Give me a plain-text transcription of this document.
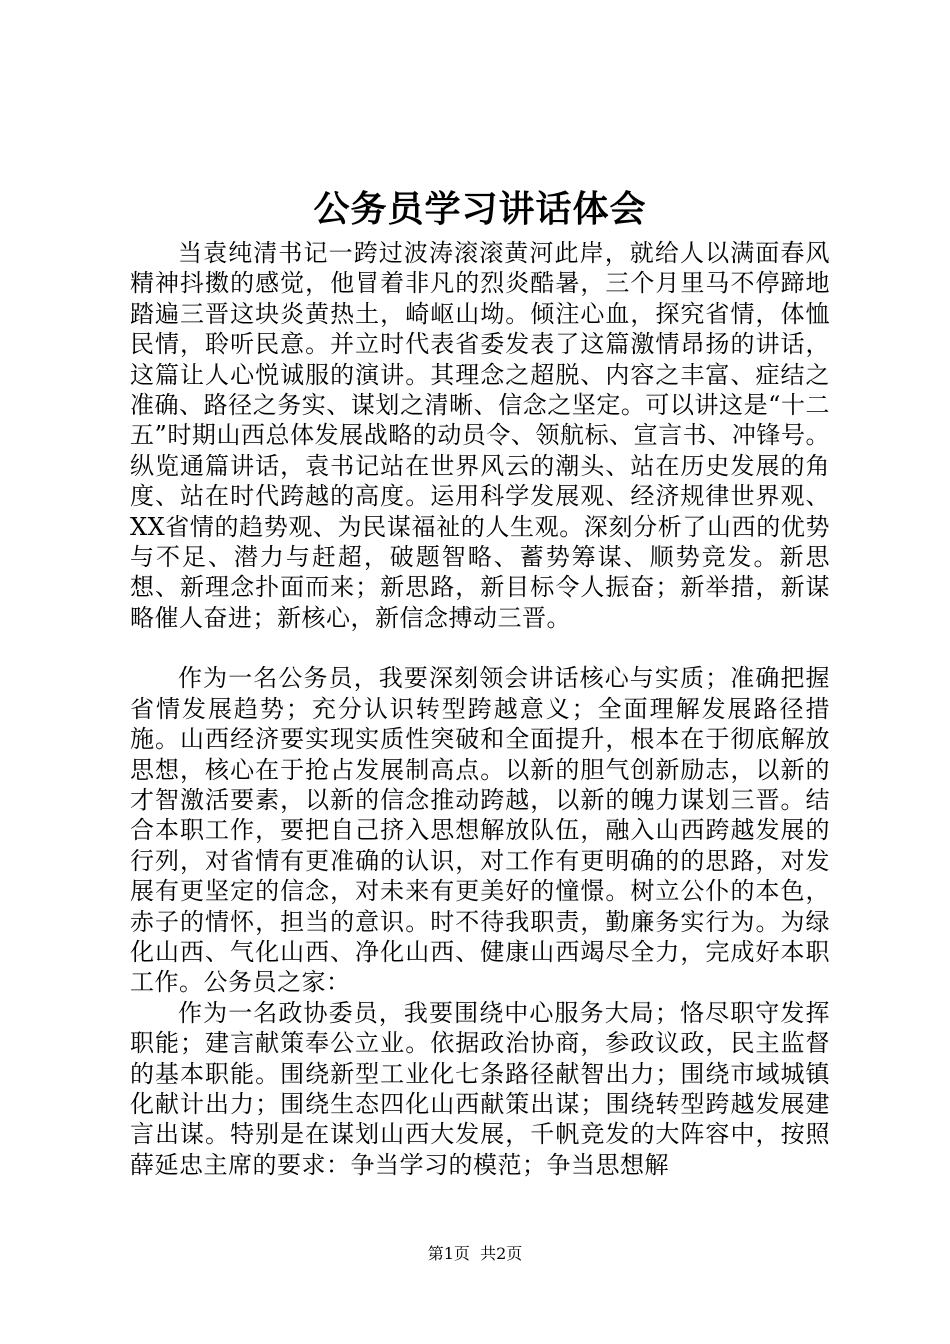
公务员学习讲话体会

当袁纯清书记一跨过波涛滚滚黄河此岸，就给人以满面春风精神抖擞的感觉，他冒着非凡的烈炎酷暑，三个月里马不停蹄地踏遍三晋这块炎黄热土，崎岖山坳。倾注心血，探究省情，体恤民情，聆听民意。并立时代表省委发表了这篇激情昂扬的讲话，这篇让人心悦诚服的演讲。其理念之超脱、内容之丰富、症结之准确、路径之务实、谋划之清晰、信念之坚定。可以讲这是“十二五”时期山西总体发展战略的动员令、领航标、宣言书、冲锋号。纵览通篇讲话，袁书记站在世界风云的潮头、站在历史发展的角度、站在时代跨越的高度。运用科学发展观、经济规律世界观、XX省情的趋势观、为民谋福祉的人生观。深刻分析了山西的优势与不足、潜力与赶超，破题智略、蓄势筹谋、顺势竞发。新思想、新理念扑面而来；新思路，新目标令人振奋；新举措，新谋略催人奋进；新核心，新信念搏动三晋。

作为一名公务员，我要深刻领会讲话核心与实质；准确把握省情发展趋势；充分认识转型跨越意义；全面理解发展路径措施。山西经济要实现实质性突破和全面提升，根本在于彻底解放思想，核心在于抢占发展制高点。以新的胆气创新励志，以新的才智激活要素，以新的信念推动跨越，以新的魄力谋划三晋。结合本职工作，要把自己挤入思想解放队伍，融入山西跨越发展的行列，对省情有更准确的认识，对工作有更明确的的思路，对发展有更坚定的信念，对未来有更美好的憧憬。树立公仆的本色，赤子的情怀，担当的意识。时不待我职责，勤廉务实行为。为绿化山西、气化山西、净化山西、健康山西竭尽全力，完成好本职工作。公务员之家：

作为一名政协委员，我要围绕中心服务大局；恪尽职守发挥职能；建言献策奉公立业。依据政治协商，参政议政，民主监督的基本职能。围绕新型工业化七条路径献智出力；围绕市域城镇化献计出力；围绕生态四化山西献策出谋；围绕转型跨越发展建言出谋。特别是在谋划山西大发展，千帆竞发的大阵容中，按照薛延忠主席的要求：争当学习的模范；争当思想解

第1页  共2页
